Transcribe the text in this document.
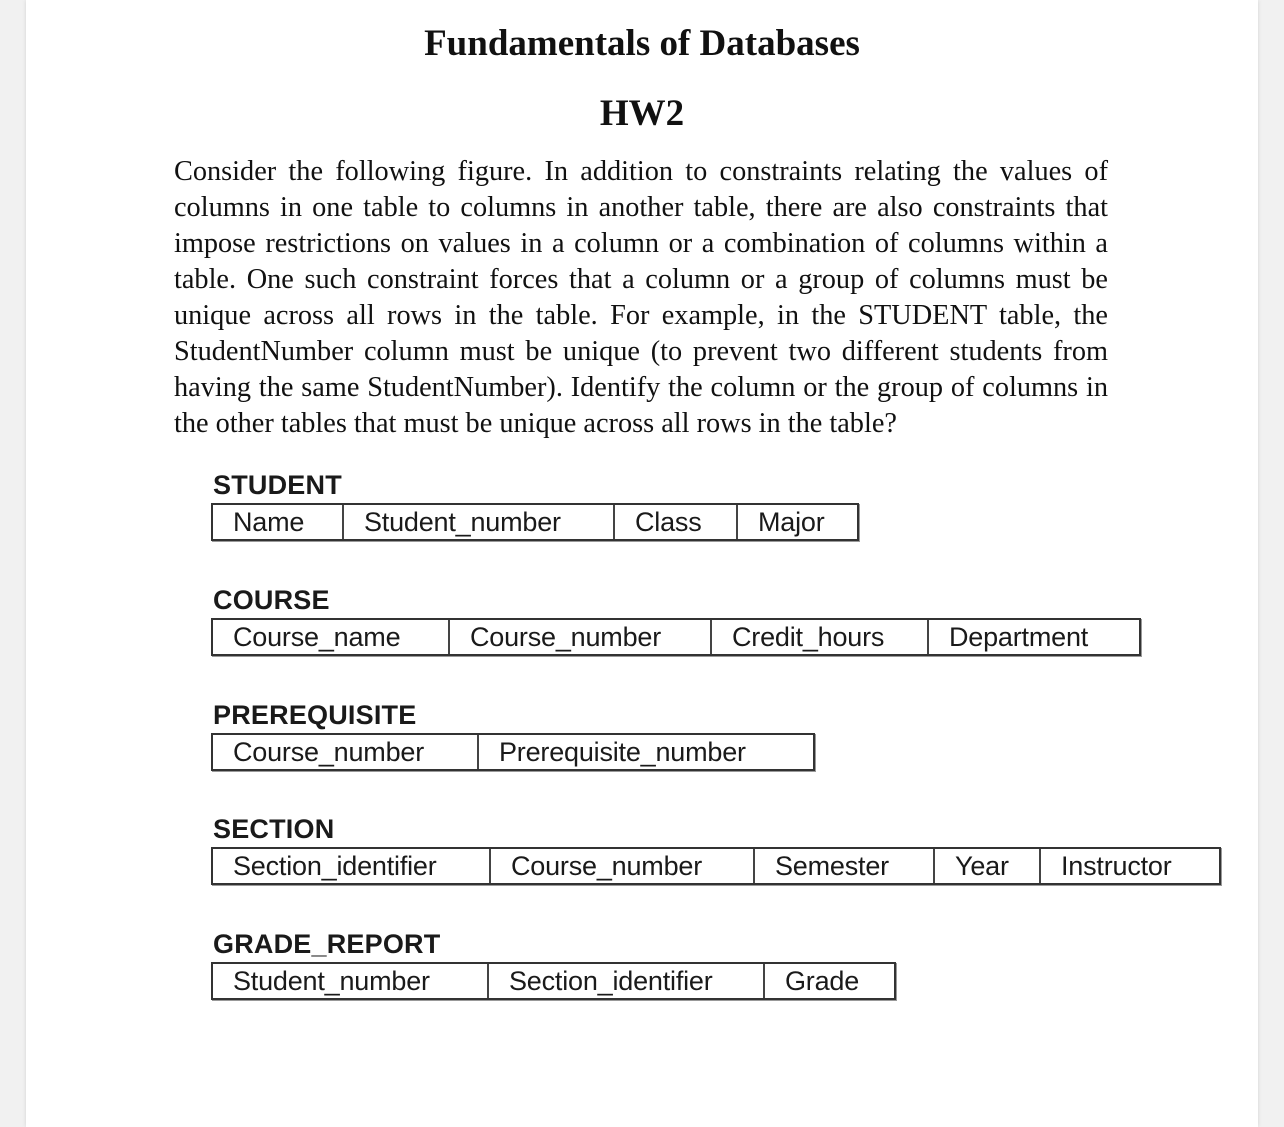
Fundamentals of Databases
HW2

Consider the following figure. In addition to constraints relating the values of columns in one table to columns in another table, there are also constraints that impose restrictions on values in a column or a combination of columns within a table. One such constraint forces that a column or a group of columns must be unique across all rows in the table. For example, in the STUDENT table, the StudentNumber column must be unique (to prevent two different students from having the same StudentNumber). Identify the column or the group of columns in the other tables that must be unique across all rows in the table?

STUDENT
Name	Student_number	Class	Major
COURSE
Course_name	Course_number	Credit_hours	Department
PREREQUISITE
Course_number	Prerequisite_number
SECTION
Section_identifier	Course_number	Semester	Year	Instructor
GRADE_REPORT
Student_number	Section_identifier	Grade
